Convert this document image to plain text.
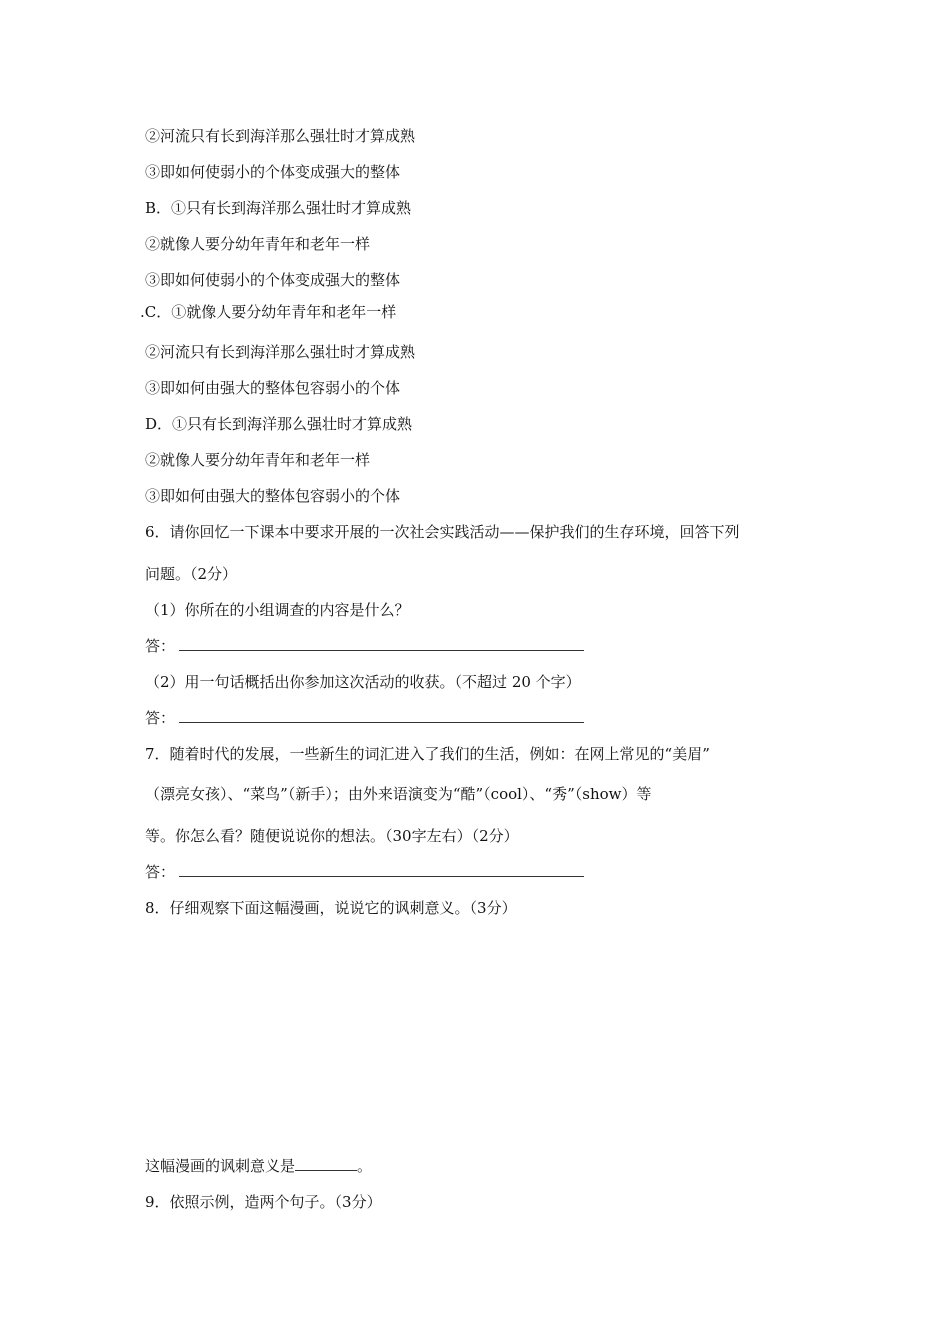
②河流只有长到海洋那么强壮时才算成熟
③即如何使弱小的个体变成强大的整体
B．①只有长到海洋那么强壮时才算成熟
②就像人要分幼年青年和老年一样
③即如何使弱小的个体变成强大的整体
.C．①就像人要分幼年青年和老年一样
②河流只有长到海洋那么强壮时才算成熟
③即如何由强大的整体包容弱小的个体
D．①只有长到海洋那么强壮时才算成熟
②就像人要分幼年青年和老年一样
③即如何由强大的整体包容弱小的个体
6．请你回忆一下课本中要求开展的一次社会实践活动——保护我们的生存环境，回答下列
问题。（2分）
（1）你所在的小组调查的内容是什么？
答：
（2）用一句话概括出你参加这次活动的收获。（不超过 20 个字）
答：
7．随着时代的发展，一些新生的词汇进入了我们的生活，例如：在网上常见的“美眉”
（漂亮女孩）、“菜鸟”（新手）；由外来语演变为“酷”（cool）、“秀”（show）等
等。你怎么看？随便说说你的想法。（30字左右）（2分）
答：
8．仔细观察下面这幅漫画，说说它的讽刺意义。（3分）
这幅漫画的讽刺意义是	。
9．依照示例，造两个句子。（3分）
